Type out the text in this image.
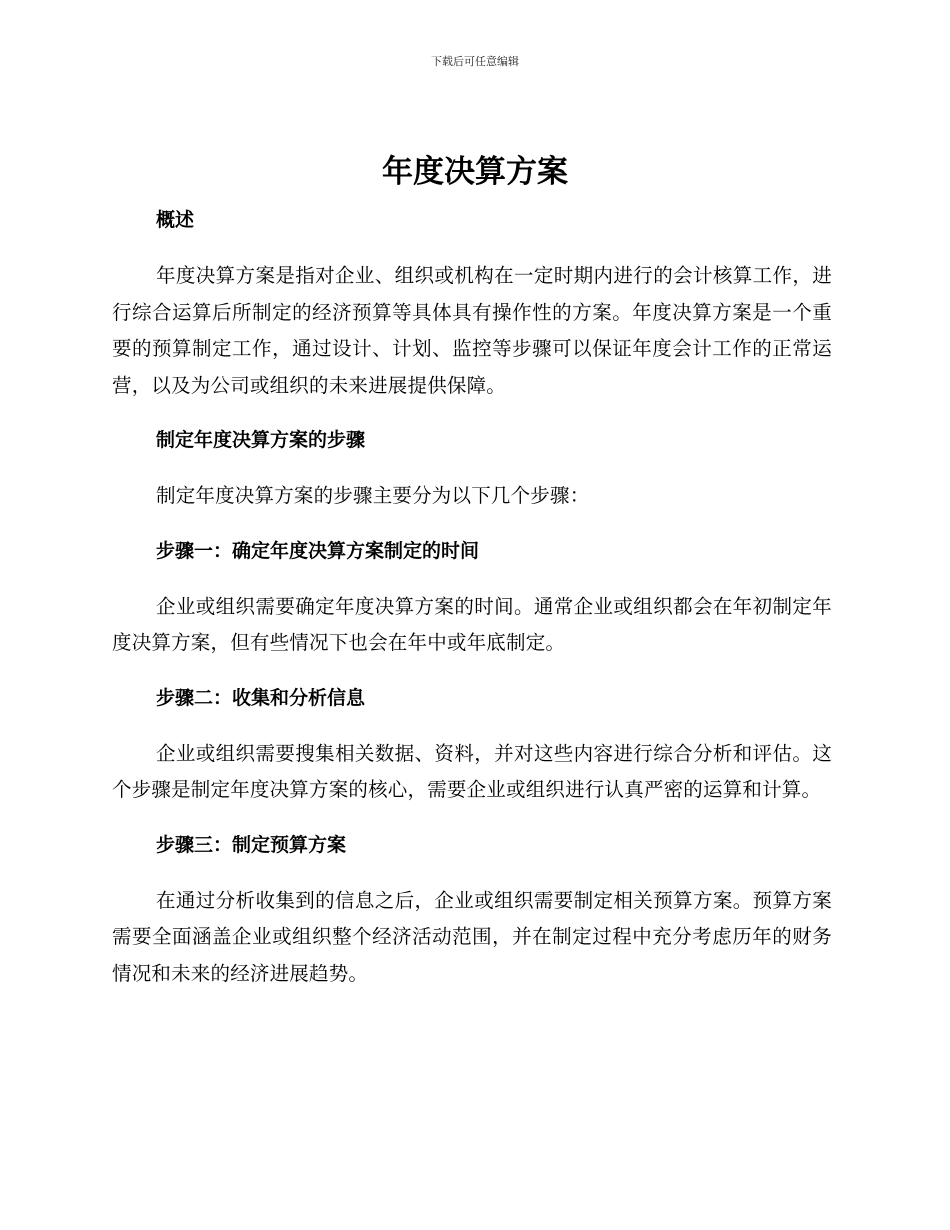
下载后可任意编辑
年度决算方案
概述

年度决算方案是指对企业、组织或机构在一定时期内进行的会计核算工作，进行综合运算后所制定的经济预算等具体具有操作性的方案。年度决算方案是一个重要的预算制定工作，通过设计、计划、监控等步骤可以保证年度会计工作的正常运营，以及为公司或组织的未来进展提供保障。

制定年度决算方案的步骤

制定年度决算方案的步骤主要分为以下几个步骤：

步骤一：确定年度决算方案制定的时间

企业或组织需要确定年度决算方案的时间。通常企业或组织都会在年初制定年度决算方案，但有些情况下也会在年中或年底制定。

步骤二：收集和分析信息

企业或组织需要搜集相关数据、资料，并对这些内容进行综合分析和评估。这个步骤是制定年度决算方案的核心，需要企业或组织进行认真严密的运算和计算。

步骤三：制定预算方案

在通过分析收集到的信息之后，企业或组织需要制定相关预算方案。预算方案需要全面涵盖企业或组织整个经济活动范围，并在制定过程中充分考虑历年的财务情况和未来的经济进展趋势。
